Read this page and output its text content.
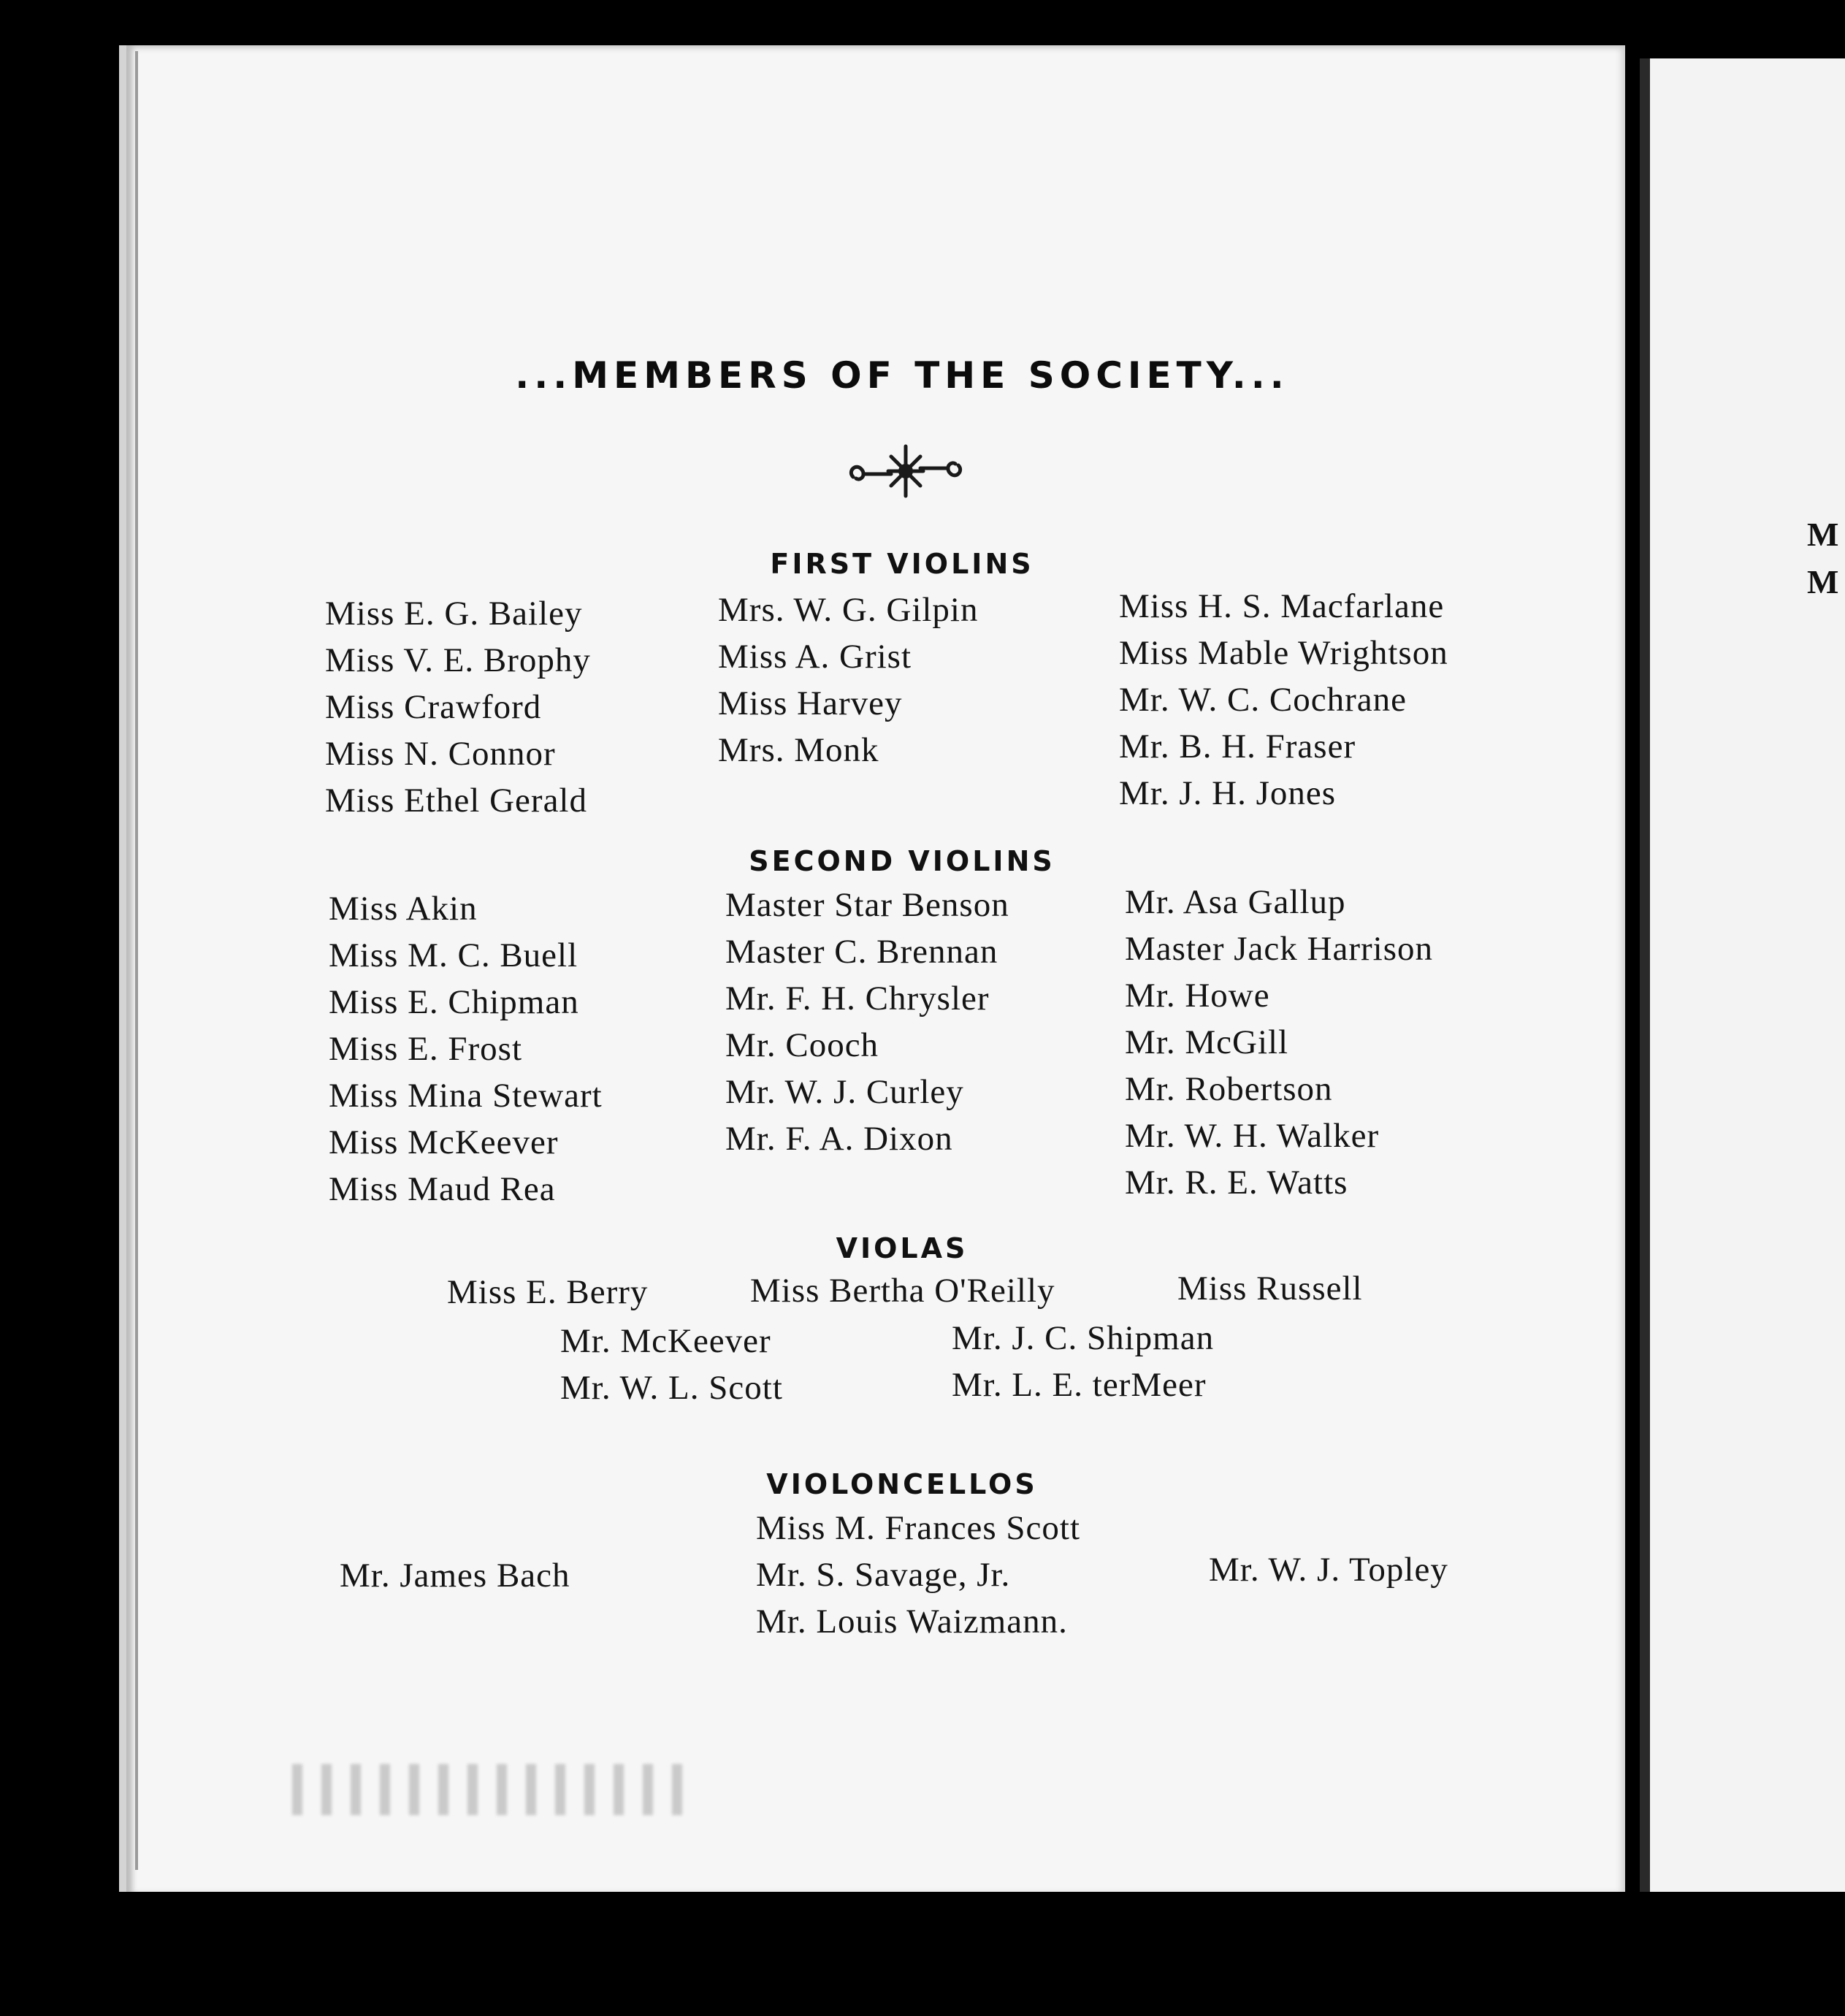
M
M
...MEMBERS OF THE SOCIETY...
FIRST VIOLINS
Miss E. G. Bailey
Miss V. E. Brophy
Miss Crawford
Miss N. Connor
Miss Ethel Gerald
Mrs. W. G. Gilpin
Miss A. Grist
Miss Harvey
Mrs. Monk
Miss H. S. Macfarlane
Miss Mable Wrightson
Mr. W. C. Cochrane
Mr. B. H. Fraser
Mr. J. H. Jones
SECOND VIOLINS
Miss Akin
Miss M. C. Buell
Miss E. Chipman
Miss E. Frost
Miss Mina Stewart
Miss McKeever
Miss Maud Rea
Master Star Benson
Master C. Brennan
Mr. F. H. Chrysler
Mr. Cooch
Mr. W. J. Curley
Mr. F. A. Dixon
Mr. Asa Gallup
Master Jack Harrison
Mr. Howe
Mr. McGill
Mr. Robertson
Mr. W. H. Walker
Mr. R. E. Watts
VIOLAS
Miss E. Berry	Miss Bertha O'Reilly	Miss Russell
Mr. McKeever
Mr. W. L. Scott
Mr. J. C. Shipman
Mr. L. E. terMeer
VIOLONCELLOS
Mr. James Bach
Miss M. Frances Scott
Mr. S. Savage, Jr.
Mr. Louis Waizmann.
Mr. W. J. Topley
